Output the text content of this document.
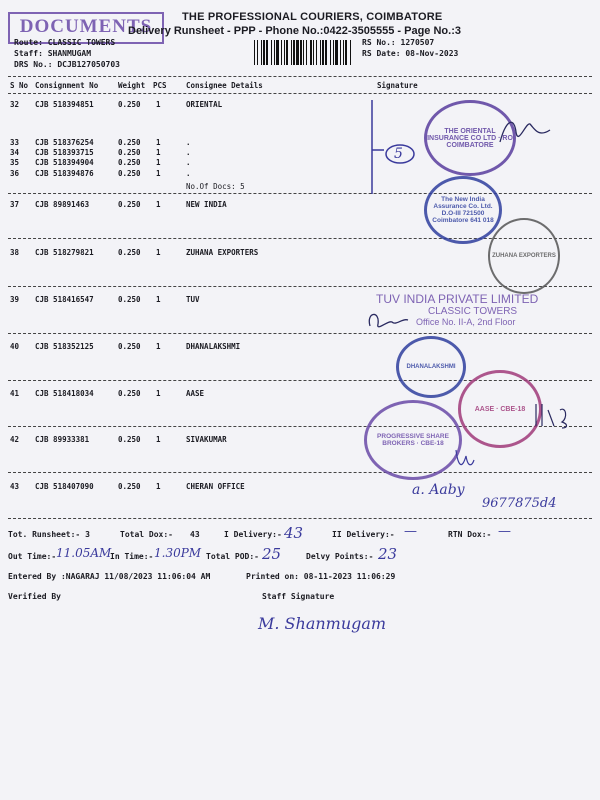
DOCUMENTS	THE PROFESSIONAL COURIERS, COIMBATORE
Delivery Runsheet - PPP - Phone No.:0422-3505555 - Page No.:3
Route: CLASSIC TOWERS
Staff: SHANMUGAM
DRS No.: DCJB127050703
RS No.: 1270507
RS Date: 08-Nov-2023
S No Consignment No	Weight PCS	Consignee Details	Signature
32 CJB 518394851	0.250 1	ORIENTAL
33 CJB 518376254	0.250 1	.
34 CJB 518393715	0.250 1	.
35 CJB 518394904	0.250 1	.
36 CJB 518394876	0.250 1	.
37 CJB 89891463	0.250 1	NEW INDIA
38 CJB 518279821	0.250 1	ZUHANA EXPORTERS
39 CJB 518416547	0.250 1	TUV
40 CJB 518352125	0.250 1	DHANALAKSHMI
41 CJB 518418034	0.250 1	AASE
42 CJB 89933381	0.250 1	SIVAKUMAR
43 CJB 518407090	0.250 1	CHERAN OFFICE
No.Of Docs: 5
5
THE ORIENTAL INSURANCE CO LTD · RO COIMBATORE
The New India Assurance Co. Ltd. D.O-III 721500 Coimbatore 641 018
ZUHANA EXPORTERS
TUV INDIA PRIVATE LIMITED
CLASSIC TOWERS
Office No. II-A, 2nd Floor
DHANALAKSHMI
AASE · CBE-18
PROGRESSIVE SHARE BROKERS · CBE-18
a. Aaby
9677875d4
Tot. Runsheet:- 3	Total Dox:- 43	I Delivery:- 43	II Delivery:- —	RTN Dox:- —
Out Time:- 11.05AM
In Time:- 1.30PM Total POD:- 25	Delvy Points:- 23
Entered By :NAGARAJ 11/08/2023 11:06:04 AM	Printed on: 08-11-2023 11:06:29
Verified By	Staff Signature
M. Shanmugam
